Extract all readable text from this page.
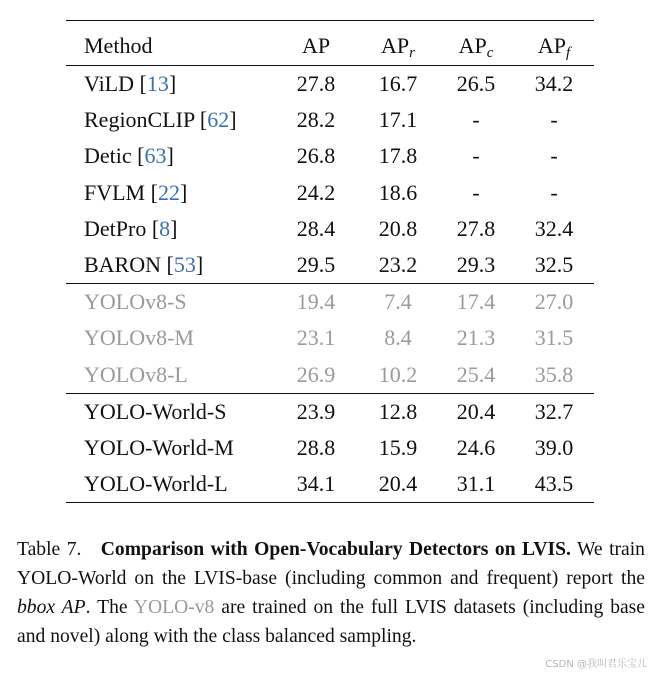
Method	AP	$AP_r$	$AP_c$	$AP_f$
ViLD [13]	27.8	16.7	26.5	34.2
RegionCLIP [62]	28.2	17.1	-	-
Detic [63]	26.8	17.8	-	-
FVLM [22]	24.2	18.6	-	-
DetPro [8]	28.4	20.8	27.8	32.4
BARON [53]	29.5	23.2	29.3	32.5
YOLOv8-S	19.4	7.4	17.4	27.0
YOLOv8-M	23.1	8.4	21.3	31.5
YOLOv8-L	26.9	10.2	25.4	35.8
YOLO-World-S	23.9	12.8	20.4	32.7
YOLO-World-M	28.8	15.9	24.6	39.0
YOLO-World-L	34.1	20.4	31.1	43.5
Table 7. Comparison with Open-Vocabulary Detectors on LVIS. We train YOLO-World on the LVIS-base (including common and frequent) report the bbox AP. The YOLO-v8 are trained on the full LVIS datasets (including base and novel) along with the class balanced sampling.
CSDN @我叫君乐宝儿
